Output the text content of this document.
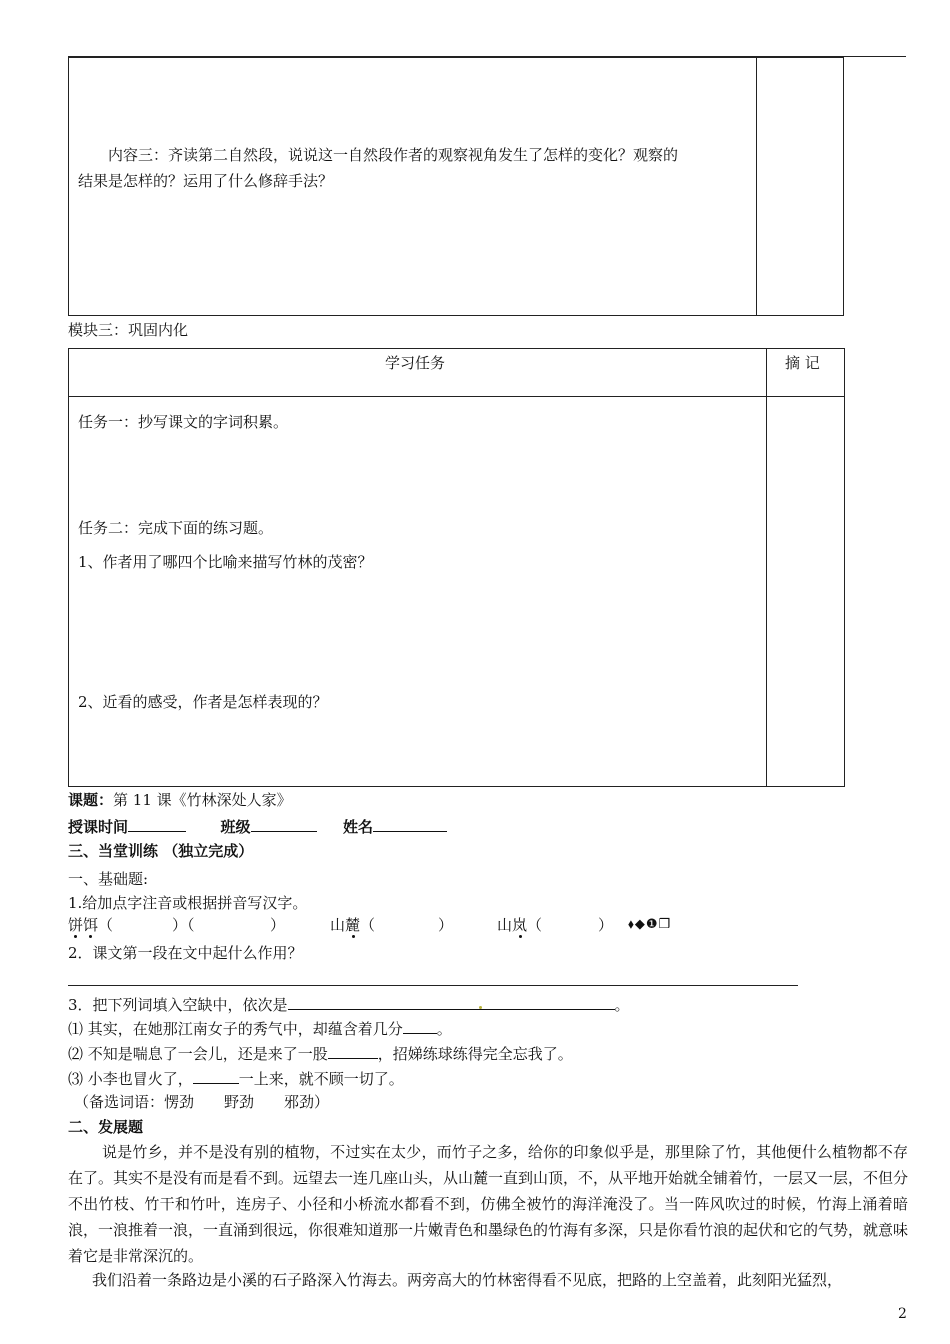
内容三：齐读第二自然段，说说这一自然段作者的观察视角发生了怎样的变化？观察的
结果是怎样的？运用了什么修辞手法？
模块三：巩固内化
学习任务	摘 记
任务一：抄写课文的字词积累。
任务二：完成下面的练习题。
1、作者用了哪四个比喻来描写竹林的茂密？
2、近看的感受，作者是怎样表现的？
课题：第 11 课《竹林深处人家》
授课时间	班级	姓名
三、当堂训练 （独立完成）
一、基础题:
1.给加点字注音或根据拼音写汉字。
饼饵（	）（	）	山麓（	）	山岚（	） ⬧◆❶❒
2．课文第一段在文中起什么作用？
3．把下列词填入空缺中，依次是	。
⑴ 其实，在她那江南女子的秀气中，却蕴含着几分 。
⑵ 不知是喘息了一会儿，还是来了一股	，招娣练球练得完全忘我了。
⑶ 小李也冒火了，	一上来，就不顾一切了。
（备选词语：愣劲　　野劲　　邪劲）
二、发展题
说是竹乡，并不是没有别的植物，不过实在太少，而竹子之多，给你的印象似乎是，那里除了竹，其他便什么植物都不存在了。其实不是没有而是看不到。远望去一连几座山头，从山麓一直到山顶，不，从平地开始就全铺着竹，一层又一层，不但分不出竹枝、竹干和竹叶，连房子、小径和小桥流水都看不到，仿佛全被竹的海洋淹没了。当一阵风吹过的时候，竹海上涌着暗浪，一浪推着一浪，一直涌到很远，你很难知道那一片嫩青色和墨绿色的竹海有多深，只是你看竹浪的起伏和它的气势，就意味着它是非常深沉的。
我们沿着一条路边是小溪的石子路深入竹海去。两旁高大的竹林密得看不见底，把路的上空盖着，此刻阳光猛烈，
2
